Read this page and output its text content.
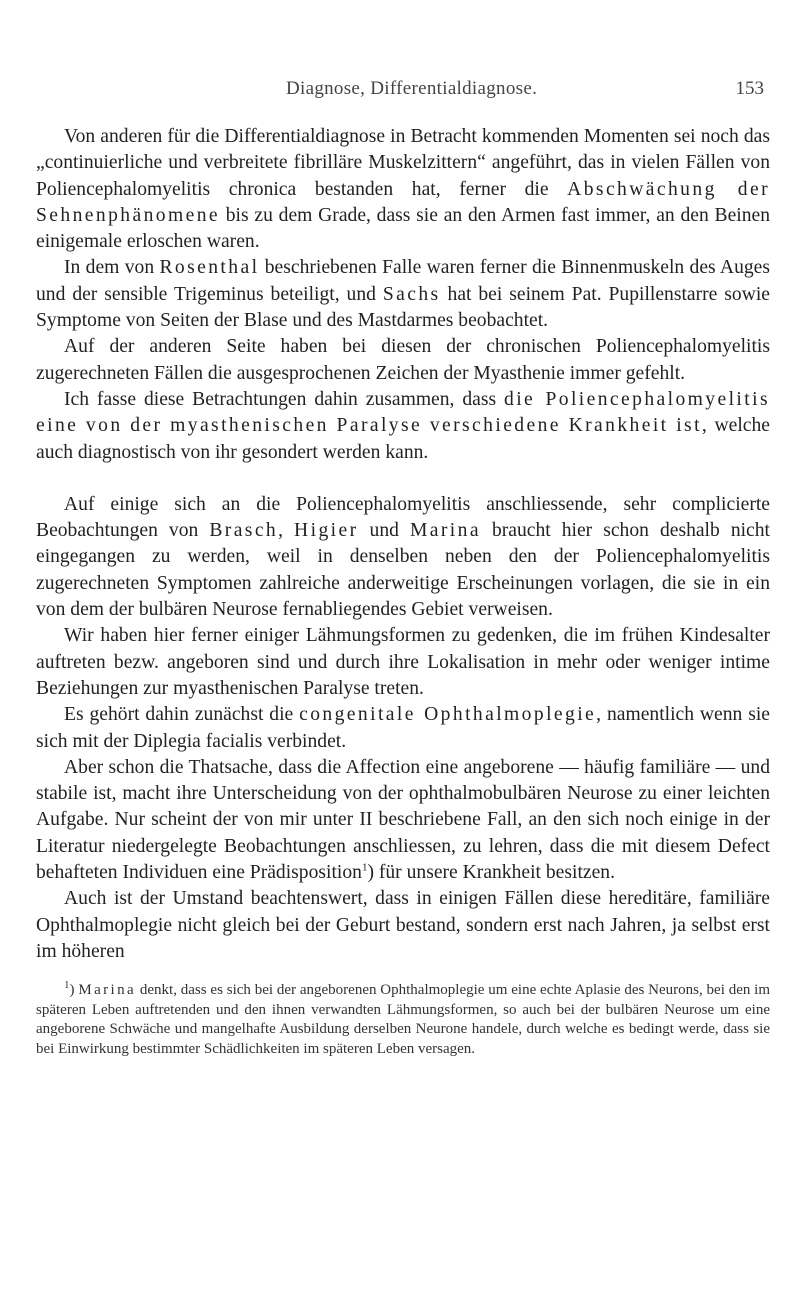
Diagnose, Differentialdiagnose.	153

Von anderen für die Differentialdiagnose in Betracht kommenden Momenten sei noch das „continuierliche und verbreitete fibrilläre Muskelzittern“ angeführt, das in vielen Fällen von Poliencephalomyelitis chronica bestanden hat, ferner die Abschwächung der Sehnenphänomene bis zu dem Grade, dass sie an den Armen fast immer, an den Beinen einigemale erloschen waren.

In dem von Rosenthal beschriebenen Falle waren ferner die Binnenmuskeln des Auges und der sensible Trigeminus beteiligt, und Sachs hat bei seinem Pat. Pupillenstarre sowie Symptome von Seiten der Blase und des Mastdarmes beobachtet.

Auf der anderen Seite haben bei diesen der chronischen Poliencephalomyelitis zugerechneten Fällen die ausgesprochenen Zeichen der Myasthenie immer gefehlt.

Ich fasse diese Betrachtungen dahin zusammen, dass die Poliencephalomyelitis eine von der myasthenischen Paralyse verschiedene Krankheit ist, welche auch diagnostisch von ihr gesondert werden kann.

Auf einige sich an die Poliencephalomyelitis anschliessende, sehr complicierte Beobachtungen von Brasch, Higier und Marina braucht hier schon deshalb nicht eingegangen zu werden, weil in denselben neben den der Poliencephalomyelitis zugerechneten Symptomen zahlreiche anderweitige Erscheinungen vorlagen, die sie in ein von dem der bulbären Neurose fernabliegendes Gebiet verweisen.

Wir haben hier ferner einiger Lähmungsformen zu gedenken, die im frühen Kindesalter auftreten bezw. angeboren sind und durch ihre Lokalisation in mehr oder weniger intime Beziehungen zur myasthenischen Paralyse treten.

Es gehört dahin zunächst die congenitale Ophthalmoplegie, namentlich wenn sie sich mit der Diplegia facialis verbindet.

Aber schon die Thatsache, dass die Affection eine angeborene — häufig familiäre — und stabile ist, macht ihre Unterscheidung von der ophthalmobulbären Neurose zu einer leichten Aufgabe. Nur scheint der von mir unter II beschriebene Fall, an den sich noch einige in der Literatur niedergelegte Beobachtungen anschliessen, zu lehren, dass die mit diesem Defect behafteten Individuen eine Prädisposition$^1$) für unsere Krankheit besitzen.

Auch ist der Umstand beachtenswert, dass in einigen Fällen diese hereditäre, familiäre Ophthalmoplegie nicht gleich bei der Geburt bestand, sondern erst nach Jahren, ja selbst erst im höheren

$^1$) Marina denkt, dass es sich bei der angeborenen Ophthalmoplegie um eine echte Aplasie des Neurons, bei den im späteren Leben auftretenden und den ihnen verwandten Lähmungsformen, so auch bei der bulbären Neurose um eine angeborene Schwäche und mangelhafte Ausbildung derselben Neurone handele, durch welche es bedingt werde, dass sie bei Einwirkung bestimmter Schädlichkeiten im späteren Leben versagen.
